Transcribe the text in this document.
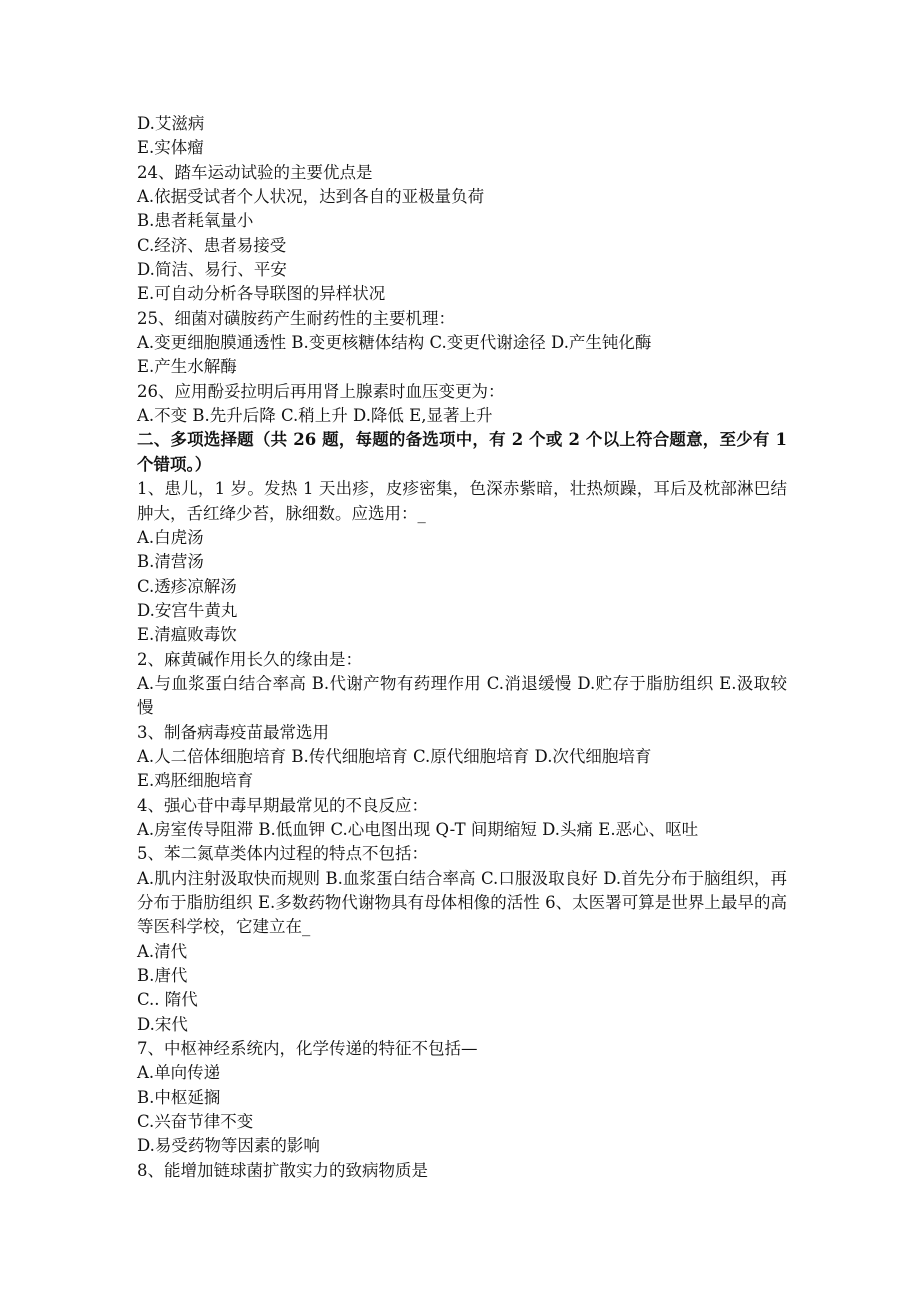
D.艾滋病

E.实体瘤

24、踏车运动试验的主要优点是

A.依据受试者个人状况，达到各自的亚极量负荷

B.患者耗氧量小

C.经济、患者易接受

D.简洁、易行、平安

E.可自动分析各导联图的异样状况

25、细菌对磺胺药产生耐药性的主要机理：

A.变更细胞膜通透性 B.变更核糖体结构 C.变更代谢途径 D.产生钝化酶

E.产生水解酶

26、应用酚妥拉明后再用肾上腺素时血压变更为：

A.不变 B.先升后降 C.稍上升 D.降低 E,显著上升

二、多项选择题（共 26 题，每题的备选项中，有 2 个或 2 个以上符合题意，至少有 1 个错项。）

1、患儿，1 岁。发热 1 天出疹，皮疹密集，色深赤紫暗，壮热烦躁，耳后及枕部淋巴结肿大，舌红绛少苔，脉细数。应选用：_

A.白虎汤

B.清营汤

C.透疹凉解汤

D.安宫牛黄丸

E.清瘟败毒饮

2、麻黄碱作用长久的缘由是：

A.与血浆蛋白结合率高 B.代谢产物有药理作用 C.消退缓慢 D.贮存于脂肪组织 E.汲取较慢

3、制备病毒疫苗最常选用

A.人二倍体细胞培育 B.传代细胞培育 C.原代细胞培育 D.次代细胞培育

E.鸡胚细胞培育

4、强心苷中毒早期最常见的不良反应：

A.房室传导阻滞 B.低血钾 C.心电图出现 Q-T 间期缩短 D.头痛 E.恶心、呕吐

5、苯二氮草类体内过程的特点不包括：

A.肌内注射汲取快而规则 B.血浆蛋白结合率高 C.口服汲取良好 D.首先分布于脑组织，再分布于脂肪组织 E.多数药物代谢物具有母体相像的活性 6、太医署可算是世界上最早的高等医科学校，它建立在_

A.清代

B.唐代

C.. 隋代

D.宋代

7、中枢神经系统内，化学传递的特征不包括—

A.单向传递

B.中枢延搁

C.兴奋节律不变

D.易受药物等因素的影响

8、能增加链球菌扩散实力的致病物质是
